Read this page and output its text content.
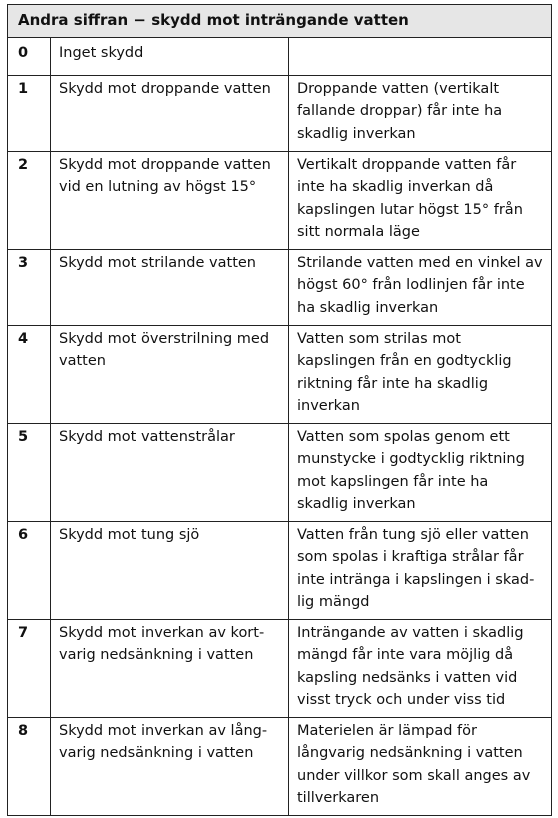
Andra siffran − skydd mot inträngande vatten		
0	Inget skydd	
1	Skydd mot droppande vatten	Droppande vatten (vertikalt fallande droppar) får inte ha skadlig inverkan
2	Skydd mot droppande vatten vid en lutning av högst 15°	Vertikalt droppande vatten får inte ha skadlig inverkan då kapslingen lutar högst 15° från sitt normala läge
3	Skydd mot strilande vatten	Strilande vatten med en vinkel av högst 60° från lodlinjen får inte ha skadlig inverkan
4	Skydd mot överstrilning med vatten	Vatten som strilas mot kapslingen från en godtycklig riktning får inte ha skadlig inverkan
5	Skydd mot vattenstrålar	Vatten som spolas genom ett munstycke i godtycklig riktning mot kapslingen får inte ha skadlig inverkan
6	Skydd mot tung sjö	Vatten från tung sjö eller vatten som spolas i kraftiga strålar får inte intränga i kapslingen i skad-lig mängd
7	Skydd mot inverkan av kort-varig nedsänkning i vatten	Inträngande av vatten i skadlig mängd får inte vara möjlig då kapsling nedsänks i vatten vid visst tryck och under viss tid
8	Skydd mot inverkan av lång-varig nedsänkning i vatten	Materielen är lämpad för långvarig nedsänkning i vatten under villkor som skall anges av tillverkaren
